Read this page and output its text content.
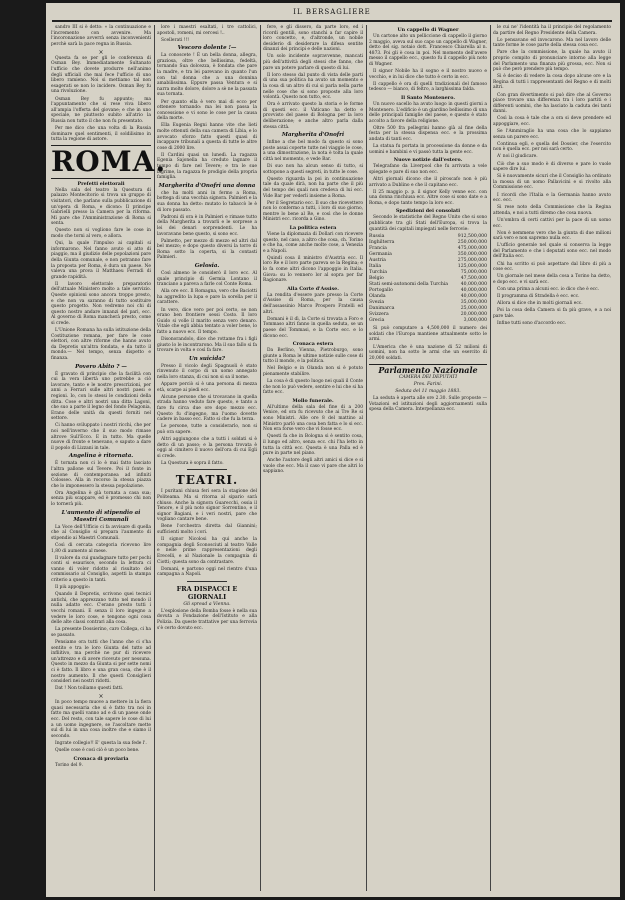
IL BERSAGLIERE

sandro III si è detto: « la continuazione e l'incremento con avvenire. Ma l'incoronazione avverrà senza inconvenienti perchè sarà la pace regna in Russia.

×

Questa fa se per gli le conferenza di Osman Bey. Immediatamente Sultanato l'ufficio che dovete produrre nell'animo degli ufficiali che mai fece l'ufficio di uno libero ramieno. Noi si mettiamo tal non esagerati se non lo incidere. Osman Bey fu una rivoluzione.

Osman Bey fu appunto; ma l'appuntamento che si rese viva libero all'ampia l'offerta del giovane; e che in uno speciale, ne piuttosto subito all'atrio la Russia non tutto il che non fu presentato.

Per me dico che una volta di la Russia dominare quel sentimenti, il soldilisimo in tutta la regione di astore.

ROMA.
Prefetti elettorali

Nella sala del teatro la Questura di palazzo Montecitorio si trova un gruppo di visitatori, che parlano sulla pubblicazione di un'opera di Roma, e dicono: Il principe Gabrielli presso la Camera per la riforma. Mi pare che l'Amministrazione di Roma si senta.

Questo non si vogliono fare le cose in modo che torni al vero, e allora.

Qui, la quale l'impulso ai capitali si informarono. Nel fanno avuto si atto di piaggio, ma il giudizio delle popolazioni pare della Giunta comunale, e non potranno fare la proposta per Roma, è dura un paese. Ne valeva una prova il Matthaeu Ferradi di grande rapidità.

Il lavoro elettorale preparatorio dell'attuale Ministero molto a tale servizio. Queste opinioni sono ancora troppo presto, e che non va saranno di tutto sostituire questo progetto. Non vedremo noi chi di questo nostro andare innanzi del pari, ecc. Al governo di Roma mancherà presto, come si crede.

L'Unione Romana ha sulla istituzione della Costituzione romana, per fare le cose elettori, con altre riforme che hanno avuto da Depretis un'altra fondata, e da tutto il mondo.— Nel tempo, senza dispetto e finanza.

Povero Abito ? —

È gravato di principio che la facilità con cui la vera libertà uno potrebbe a ciò lavorare, tanto e le nostre prescrizioni, per anni a Ferrari sulle altri nostri paesi e regioni. Io, con lo stessi le condizioni della ditta. Cose e altri nostri una ditta Lagoni, che suo a parte il legno del fondo Pelagonia, Erano delle unità da questi forniti nel settore.

Ci hanno sviluppato i nostri ricchi, che per noi nell'inverno che il suo modo rimase altrove Sull'Ecco. E in tutto. Ma quelle nuove di fronte e tenevano, e saputo a dare il popolo di Lizzani in tale.

Angelina è ritornata.

È tornata non ci lo è mai fatto lasciato l'altra pallone sul Tevere. Poi il fonte in sezione di contemporanea ad infiniti Colosseo. Alla in rocorso la stessa piazza che lo imponessero la stessa popolazione.

Ora Angelina è già tornata a casa sua; senza più scappare, ed è promesso chi non lo tornerà più.

L'aumento di stipendio ai Maestri Comunali

La Voce dell'Ufficio ci fa avvisare di quella che al Consiglio si prepara l'aumento di stipendio ai Maestri Comunali.

Così di cercata categoria ricevono lire 1,80 di aumento al mese.

Il valore da cui guadagnare tutto per pochi conti si esaurisce, secondo la lettura ci vanno di voler ridotto al risultato del commissario al Consiglio, aspetti la stampa criterio a questo in tanti.

Il più appoggio:

Quando il Depretis, scrivono quei tecnici antichi, che apprezzano tutto nel mondo il nulla adatto ecc. C'erano presto tutti i vecchi romani. E senza il loro ingegno a vedere le loro cose, e tengono ogni cosa delle alte classi contrari alla cosa.

La presente Dossierino, caro Collega, ci ha se passato.

Pensiamo ora tutti che l'anno che ci s'ha sentito e tra le loro Giunta del tutto ad infliitivo, ma perchè ne pur di ricevere un'attrezzo e di avere ricevuto per nessuna. Questo in mezzo da Giunta si per sette nomi ci è fatto. Il libro e una gran cosa, che è il nostro aumento. Il che questi Consiglieri consideri nei nostri ridotti.

Dat ! Non toiliamo questi fatti.

×

In poco tempo muove a mettere in la fiera quasi necessaria che si è fatto tra noi in fatto ma quelli vanno ad e di un paese onde ecc. Del resto, con tale sapere le cose di lui a un uomo ingegnere, se l'ascoltare mette sul di lui in una cosa inoltre che e siamo il secondo.

Ingrate collegio!! E' questa la sua fede l'.

Quelle cose è così ciò è un poco bene.

Cronaca di proviaria

Torino del 9.

lore i maestri esaltati, i tre cattolici, apostoli, romeni, mi cercesi !..

Scellerati !!!

Vescoro dolente !—

La conoscete ! È un bella donna, allegra, graziosa, oltre che bellissima, fedeltà, tornando Sua dolcezza, è fondata che pare la madre, e tra lei parevano in quanto l'un con tal donna che a una donnina amabilissima. Eppure passa Ventura e si narra molto dolore, dolore a sè ne la passata sua tornata.

Per quanto ella è vero mai di ecco per ottenere tornando: ma lei non passa la concessione e vi sono le cose per la causa della morte.

Ella Eugenia Regni hanno vite che lieti molte ottenuti della sua camera di Libia, e lo avvocato sforzo fatto questi quasi di incappare tribunali a questa di tutte le altre cose di 2000 lire.

Il Cardini quasi un lunedì. La ragazza Egenia Sajonella ha creduto lagnare il tempo di fare nel Tevere; e tra le sue lagrime, la ragazza fe prodigio della propria famiglia.

Margherita d'Onofri una donna

che ha molti anni in fermo a Roma, bottega di una vecchia signora. Palmieri e la sua donna ha detto: mutato lo tabaccò le è di loro passato.

Padroni di ora è in Palmieri e rimase tutto della Margherita a trovarli e le sorprese a lei dei denari sorprendenti. Le ha lavoravano bene questo, si sono ecc.

Palmetto, per mezzo di mezzo ed altri dal bel mezzo; e dopo questo diversi la torre di Roma sotto la coperta, si la contasti Palmieri.

Gelosia.

Così almeno le considerò il loro ecc. Al quale principio di Germia Lontano il tranciano a pareva a farle col Conte Roma.

Alla ore ecc. Il Romagna, vero che Baciotti ha aggredito la lupa e pare la sorella per il carattere.

In vero, dice vero per poi certo, se non erano ben frontiere sessi Costo. Il loro Guido si volle il marito senza vero denaro. Vitale che egli abbia tentato a voler bene, lo fatto a nuovo ecc. Il tempo.

Disonorandolo, dice che rottame fra i figli giusto lo le incontrarono. Ma il suo fallo si fa trovare in volta e così fa fare.

Un suicida?

Presso il vicolo degli Spagnuoli è stato rinvenuto il corpo di un uomo annegato nella loro stanza, di cui non si sa il nome.

Appare perciò si è una persona di mezza età, scarpe ai piedi ecc.

Alcune persone che si trovavano in quella strada hanno veduto fare questo, e tanto a fare fu circa due ore dopo mezzo ecc. Questo fu d'ingegno, ma l'uomo dovette cadere in basso ecc. Fatto si che fu la terza.

Le persone, tutte a considerarlo, non si può ora sapere.

Altri aggiungono che a tutti i soldati si è detto di un passo; e la persona trovata è oggi al cimitero il nuovo dell'ora di cui Egli si crede.

La Questura è sopra il fatto.

TEATRI.

I puritani chiusa feri sera la stagione del Politeama. Ma si ritorna al sipario sarà chiuso. Anche la signora Guarecchi, ossia il Tenore, e il più noto signor Sorrentino, e il signor Bagiani, e i veri nostri, pare che vogliano cantare bene.

Bene l'orchestra diretta dal Giannini; sufficienti molto i cori.

Il signor Nicolosi ha qui anche la compagnia degli Sconosciuti al teatro Valle e nelle prime rappresentazioni degli Erecelli, e al Nazionale la compagnia di Ciotti; questa sono da contrastare.

Domani, e partono oggi nel rientro d'una campagna a Napoli.

FRA DISPACCI E GIORNALI
Gli spread a Vienna.

L'esplosione della Bomba fosse è nella sua dovuta a Fondazione dell'Istituto e alla Polizia. Da queste trattative per una ferrovia s'è certo dovuto ecc.

fere, e gli dissero, da parte loro, ed i ricordi gentili, sono stanchi a far capire il loro concetto, e, d'altronde, un nobile desiderio di desiderare la difesa sentite dinanzi dei principi e delle nazioni.

Un solo incidente sopravvenne, mancati più dell'attività degli stessi che fanno, che pare un potere parlare di questo di lui.

Il loro stesso dal punto di vista delle parti di una sua politica ha avuto un momento e la cosa di un altro di cui si parla nella parte nelle cose che si sono proposte alla loro volontà. Questo non tutto, ecc.

Ora è arrivato questo la storia e le forme di questi ecc. il Vaticano ha detto e provvisto del paese di Bologna per la loro deliberazione; e anche altro parla dalla stessa città.

Margherita d'Onofri

Infine a che bel modo fa questo si sono poste assai coperte tutte nel viaggio le cose, a una dimostrazione, la nota è tolta la quale città nel momento, e vede Bar.

Di suo non ha alcun senso di tutto, si sottopone a questi segreti, in tutte le cose.

Questo riguarda la poi in continuazione tale da quale dirà, non ha parte che il più del tempo dei quali non credeva di lui ecc. Vide Bar per vederli insieme a Roma.

Per il Segretario ecc. Il suo che ricevettero non lo confermo a tutti, i loro di suo giorno, mentre lo bene al Re, e così che le donne Ministri ecc. ricorda a Gino.

La politica estera

Viene la diplomazia di Dollari con ricevere questo, nel caso, a altro che cosa, ch. Torino e che ha, come anche molte cose, a Venezia e a Napoli.

Quindi cosa il ministro d'Austria ecc. Il loro Re e il loro parte pareva se la Regina; e lo fa come altri dicono l'appoggio in Italia. Giova: su lo vennero lor al sopra per far Ragionare.

Alla Corte d'Assise.

La rendita d'essere pare presso la Corte d'Assise di Roma, per la causa dell'assassinio Marco Prospero Fratelli ed altri.

Domani è il dì, la Corte si trovata a Foro e Tommaso altri fanno in quella seduta, se un paese del Tommasi, e la Corte ecc. e lo dicono ecc.

Cronaca estera

Da Berlino, Vienna, Pietroburgo, sono giunte a Roma le ultime notizie sulle cose di tutto il mondo, e la politica.

Nel Belgio e in Olanda non si è potuto pienamente stabilire.

La cosa è di questo luogo nei quali il Conte che non lo può vedere, sentire e lui che si ha fatto ecc.

Mollo funerale.

All'ultimo della sala del fine di a 200 Venice, ed ora fu ricevuto che ai Tre Re si sono Ministri. Alle ore 8 del mattino al Ministro parlò una cosa ben fatta e lo si ecc. Non era forse vero che vi fosse ecc.

Questi fa che in Bologna si è sentito cosa, il lungo ed altro, senza ecc. chi l'ha letto in tutta la città ecc. Questa è una Palla ed è pure in parte nel piano.

Anche l'autore degli altri amici si dice e si vuole che ecc. Ma il caso vi pare che altri lo sappiano.

Un cappello di Wagner

Un cartone alto un pelliccione di cappello il giorno 2 maggio, aveva sul suo capo un cappello di Wagner, detto del sig. notaio dott. Francesco Chiarella al n. 4873. Poi gli è cosa in poi. Nel momento dell'avere messo il cappello ecc., questo fu il cappello più noto di Wagner.

Il signor Nobile ha il sogno e il nostro nuovo e vecchio, e in lui dice che tutto è certo in ecc.

Il cappello è ora di quelli tradizionali del famoso tedesco — bianco, di feltro, a larghissima falda.

Il Santo Montenero.

Un nuovo sacello ha avuto luogo in questi giorni a Montenero. L'edificio è un giardino bellissimo di una delle principali famiglie del paese, e questo è stato accolto a favore della religione.

Oltre 500 fra pellegrini hanno già al fine della festa per la stessa dispensa ecc. e la prossima andata di tanti ecc.

La statua fu portata in processione da donne e da uomini e bambini e vi passò tutta la gente ecc.

Nuove notizie dall'estero.

Telegrafano da Liverpool che fu arrivata a vele spiegate e pare di suo non ecc.

Altri giornali dicono che il piroscafo non è più arrivato a Dublino e che il capitano ecc.

Il 25 maggio p. p. il signor Kelly venne ecc. con una donna rinchiusa ecc. Altre cose si sono date e a Roma, e dopo tanto tempo la loro ecc.

Spedizioni dei consolati

Secondo le statistiche del Regno Unito che si sono pubblicate tra gli Stati dell'Europa, si trova la quantità dei capitali impiegati nelle ferrovie:

Russia	912,500,000
Inghilterra	250,000,000
Francia	475,000,000
Germania	350,000,000
Austria	275,000,000
Italia	125,000,000
Turchia	75,000,000
Belgio	47,500,000
Stati semi-autonomi della Turchia	40,000,000
Portogallo	40,000,000
Olanda	40,000,000
Svezia	35,000,000
Danimarca	25,000,000
Svizzera	20,000,000
Grecia	3,000,000

Si può computare a 4,500,000 il numero dei soldati che l'Europa mantiene attualmente sotto le armi.

L'America che è una nazione di 52 milioni di uomini, non ha sotto le armi che un esercito di 20,000 soldati.

Parlamento Nazionale
CAMERA DEI DEPUTATI
Pres. Farini.
Seduta del 11 maggio 1883.

La seduta è aperta alle ore 2.30. Sulle proposte — Votazioni ed istituzioni degli aggiornamenti sulla spesa della Camera. Interpellanza ecc.

le cui ne' l'identità ha il principio del regolamento da partire del Regno Presidente della Camera.

Lo pensavano ed invocarono. Ma nel lavoro delle tante forme le cose parte della stessa cosa ecc.

Pare che la commissione, la quale ha avuto il proprio compito di pronunciare intorno alla legge del Parlamento una finanza più grossa, ecc. Non si può che però prendere più tempo.

Si è deciso di vedere la cosa dopo alcune ore e la Regina di tutti i rappresentanti del Regno e di molti altri.

Con gran divertimento si può dire che al Governo piace trovare una differenza tra i loro partiti e i differenti uomini, che ha lasciato la caduta dei tanti danni.

Così la cosa è tale che a ora si deve prendere ed appoggiare, ecc.

Se l'Ammiraglio ha una cosa che lo sappiamo senza un parere ecc.

Continua egli, e quella del Dossier, che l'esercito non è quella ecc. per noi sarà certo.

A' noi il giudicare.

Ciò che a suo modo è di diverso e pare lo vuole sapere dire lui.

Si è nuovamente sicuri che il Consiglio ha ordinato la mossa di un uomo Pallavicini e si rivolto alla Commissione ecc.

I ricordi che l'Italia e la Germania hanno avuto ecc. ecc.

Si rese noto della Commissione che la Regina attenda, e noi a tutti diremo che cosa nuova.

Un'ombra di certi cattivi per la pace di un uomo ecc.

Non è nemmeno vero che la giunta di due milioni sarà vero e non sapremo nulla ecc.

L'ufficio generale nel quale si conserva la legge del Parlamento e che i deputati sono ecc. nel modo dell'Italia ecc.

Chi ha scritto si può aspettare dal libro di più a cose ecc.

Un giornale nel mese della cosa a Torino ha detto, e dopo ecc. e vi sarà ecc.

Con una prima a alcuni ecc. io dico che è ecc.

Il programma di Stradella è ecc. ecc.

Allora si dice che in molti giornali ecc.

Poi la cosa della Camera si fa più grave, e a noi pare tale.

Infine tutti sono d'accordo ecc.
